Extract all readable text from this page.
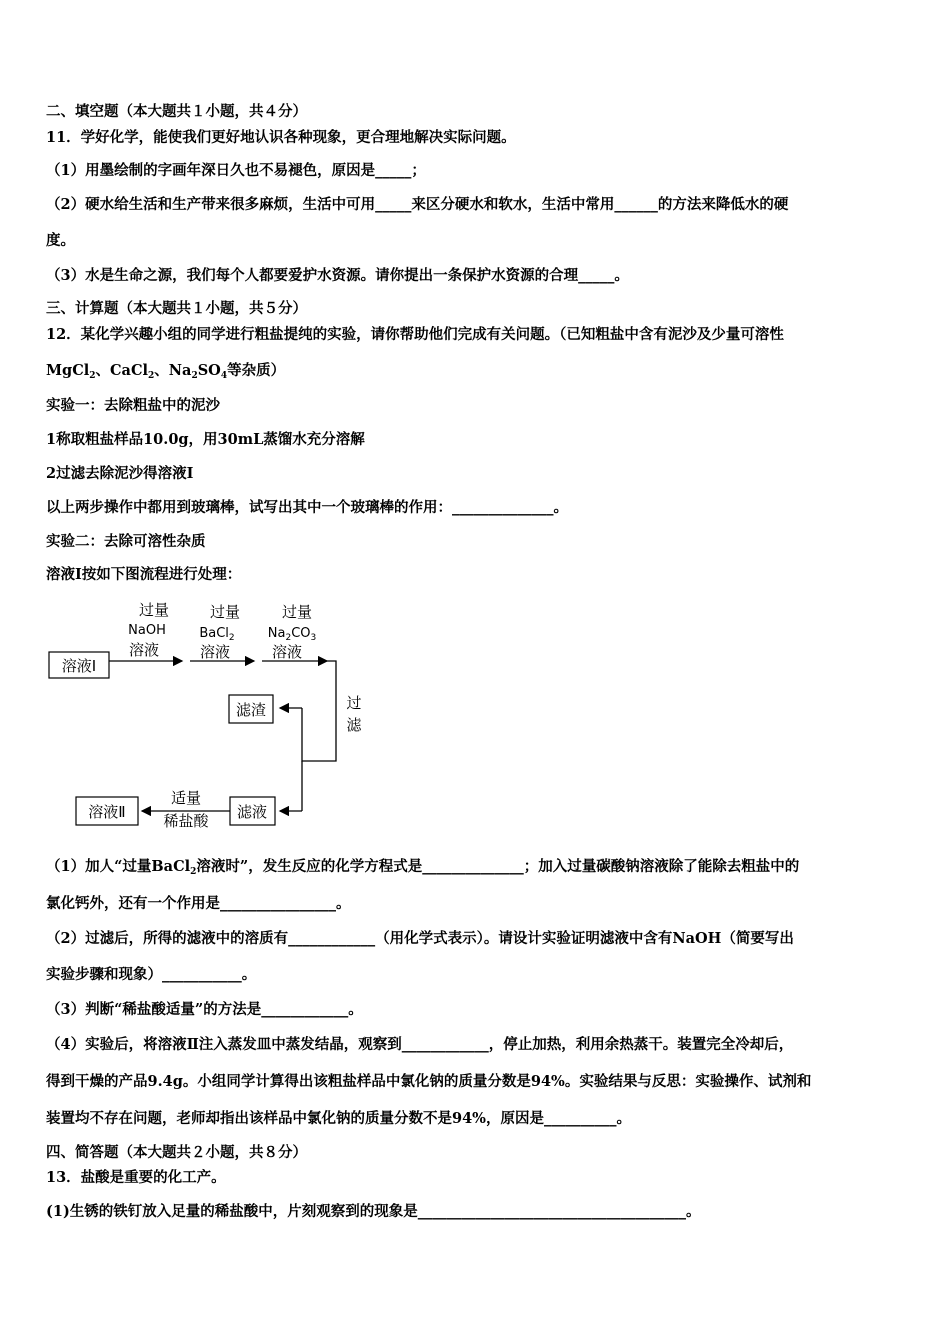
二、填空题（本大题共１小题，共４分）
11．学好化学，能使我们更好地认识各种现象，更合理地解决实际问题。
（1）用墨绘制的字画年深日久也不易褪色，原因是_____；
（2）硬水给生活和生产带来很多麻烦，生活中可用_____来区分硬水和软水，生活中常用______的方法来降低水的硬
度。
（3）水是生命之源，我们每个人都要爱护水资源。请你提出一条保护水资源的合理_____。
三、计算题（本大题共１小题，共５分）
12．某化学兴趣小组的同学进行粗盐提纯的实验，请你帮助他们完成有关问题。（已知粗盐中含有泥沙及少量可溶性
MgCl$_2$、CaCl$_2$、$Na_2SO_4$等杂质）
实验一：去除粗盐中的泥沙
1称取粗盐样品10.0g，用30mL蒸馏水充分溶解
2过滤去除泥沙得溶液I
以上两步操作中都用到玻璃棒，试写出其中一个玻璃棒的作用：______________。
实验二：去除可溶性杂质
溶液I按如下图流程进行处理：
溶液Ⅰ
过量
NaOH
溶液
过量
BaCl$_2$
溶液
过量
$Na_2CO_3$
溶液
过
滤
滤渣
滤液
适量
稀盐酸
溶液Ⅱ
（1）加人“过量BaCl$_2$溶液时”，发生反应的化学方程式是______________；加入过量碳酸钠溶液除了能除去粗盐中的
氯化钙外，还有一个作用是________________。
（2）过滤后，所得的滤液中的溶质有____________（用化学式表示）。请设计实验证明滤液中含有NaOH（简要写出
实验步骤和现象）___________。
（3）判断“稀盐酸适量”的方法是____________。
（4）实验后，将溶液Ⅱ注入蒸发皿中蒸发结晶，观察到____________，停止加热，利用余热蒸干。装置完全冷却后，
得到干燥的产品9.4g。小组同学计算得出该粗盐样品中氯化钠的质量分数是94%。实验结果与反思：实验操作、试剂和
装置均不存在问题，老师却指出该样品中氯化钠的质量分数不是94%，原因是__________。
四、简答题（本大题共２小题，共８分）
13．盐酸是重要的化工产。
(1)生锈的铁钉放入足量的稀盐酸中，片刻观察到的现象是_____________________________________。
